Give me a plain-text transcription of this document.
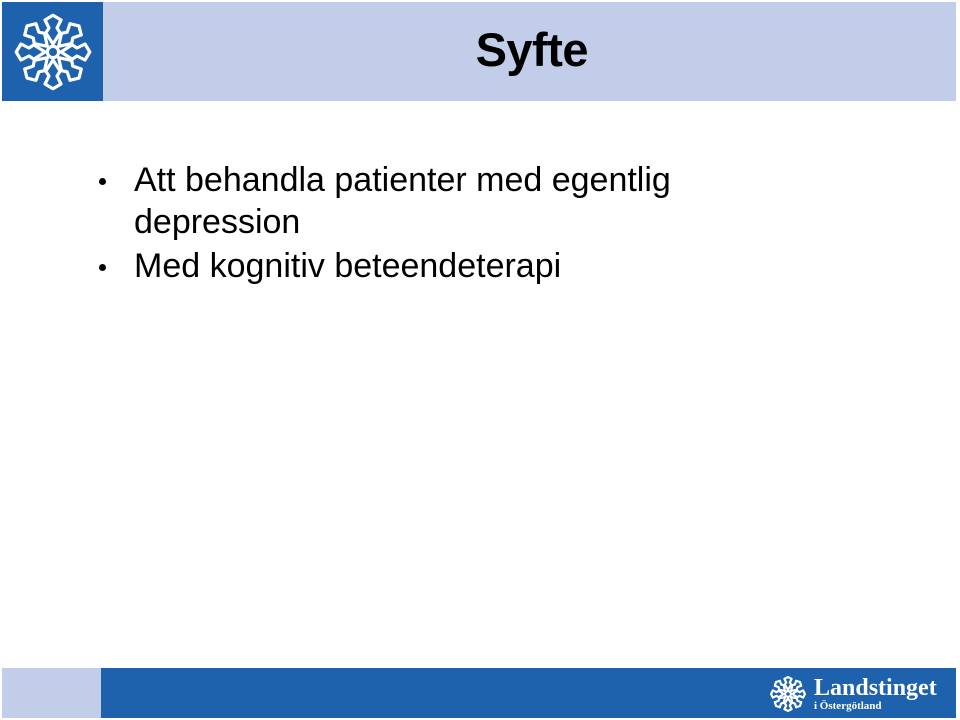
Syfte
Att behandla patienter med egentlig depression
Med kognitiv beteendeterapi
Landstinget
i Östergötland
